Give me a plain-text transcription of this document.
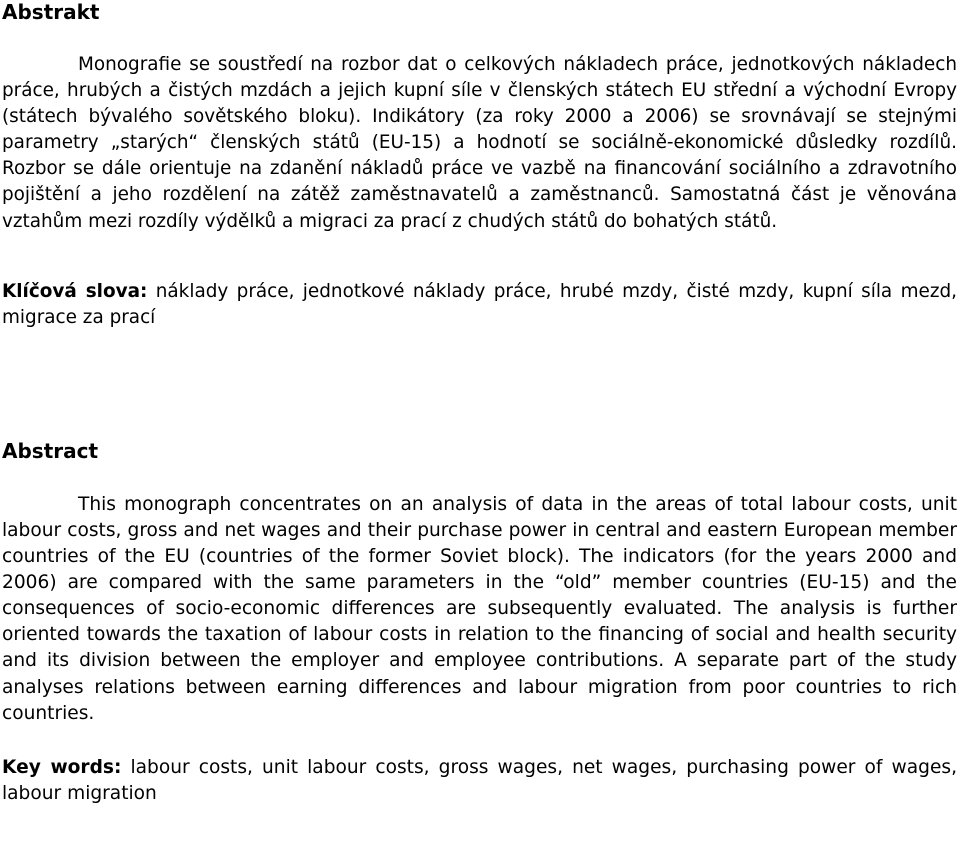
Abstrakt

Monografie se soustředí na rozbor dat o celkových nákladech práce, jednotkových nákladech práce, hrubých a čistých mzdách a jejich kupní síle v členských státech EU střední a východní Evropy (státech bývalého sovětského bloku). Indikátory (za roky 2000 a 2006) se srovnávají se stejnými parametry „starých“ členských států (EU-15) a hodnotí se sociálně-ekonomické důsledky rozdílů. Rozbor se dále orientuje na zdanění nákladů práce ve vazbě na financování sociálního a zdravotního pojištění a jeho rozdělení na zátěž zaměstnavatelů a zaměstnanců. Samostatná část je věnována vztahům mezi rozdíly výdělků a migraci za prací z chudých států do bohatých států.

Klíčová slova: náklady práce, jednotkové náklady práce, hrubé mzdy, čisté mzdy, kupní síla mezd, migrace za prací

Abstract

This monograph concentrates on an analysis of data in the areas of total labour costs, unit labour costs, gross and net wages and their purchase power in central and eastern European member countries of the EU (countries of the former Soviet block). The indicators (for the years 2000 and 2006) are compared with the same parameters in the “old” member countries (EU-15) and the consequences of socio-economic differences are subsequently evaluated. The analysis is further oriented towards the taxation of labour costs in relation to the financing of social and health security and its division between the employer and employee contributions. A separate part of the study analyses relations between earning differences and labour migration from poor countries to rich countries.

Key words: labour costs, unit labour costs, gross wages, net wages, purchasing power of wages, labour migration
